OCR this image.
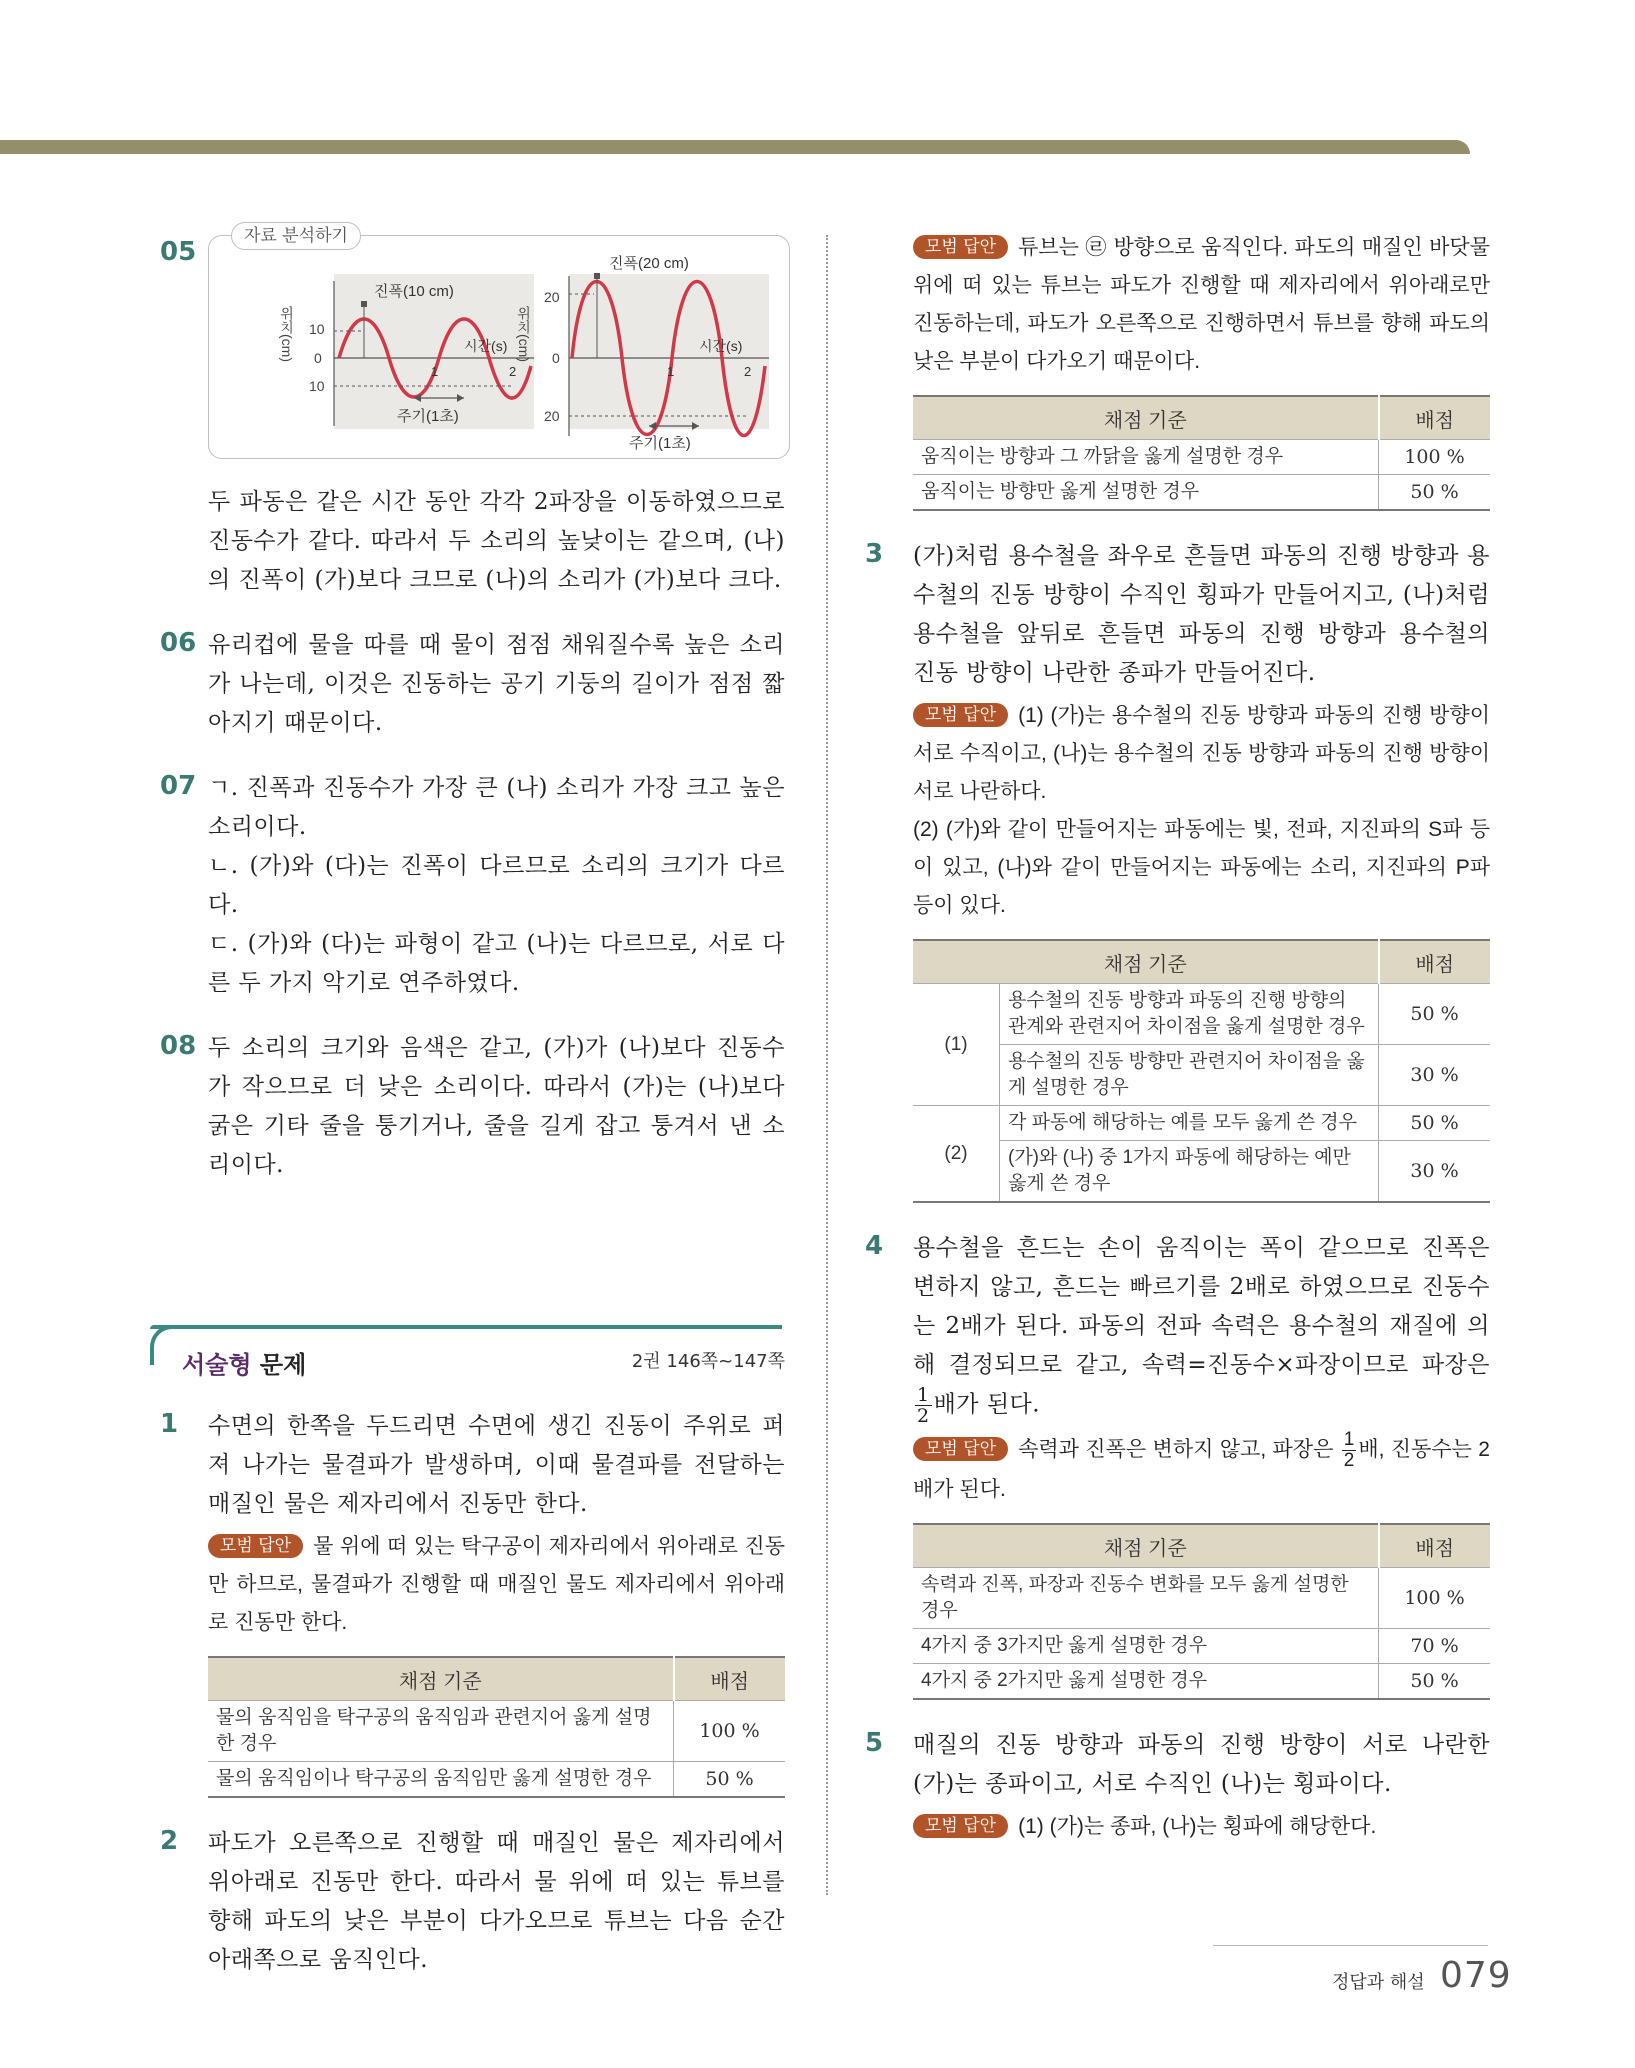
05
자료 분석하기
위치(cm) 10
0
10
진폭(10 cm)
시간(s)
1	2
주기(1초)
위치(cm)
20
0
20
진폭(20 cm)
시간(s)
1	2
주기(1초)
두 파동은 같은 시간 동안 각각 2파장을 이동하였으므로 진동수가 같다. 따라서 두 소리의 높낮이는 같으며, (나)의 진폭이 (가)보다 크므로 (나)의 소리가 (가)보다 크다.
06 유리컵에 물을 따를 때 물이 점점 채워질수록 높은 소리가 나는데, 이것은 진동하는 공기 기둥의 길이가 점점 짧아지기 때문이다.
07 ㄱ. 진폭과 진동수가 가장 큰 (나) 소리가 가장 크고 높은 소리이다.
ㄴ. (가)와 (다)는 진폭이 다르므로 소리의 크기가 다르다.
ㄷ. (가)와 (다)는 파형이 같고 (나)는 다르므로, 서로 다른 두 가지 악기로 연주하였다.
08 두 소리의 크기와 음색은 같고, (가)가 (나)보다 진동수가 작으므로 더 낮은 소리이다. 따라서 (가)는 (나)보다 굵은 기타 줄을 퉁기거나, 줄을 길게 잡고 퉁겨서 낸 소리이다.
서술형 문제	2권 146쪽~147쪽
1 수면의 한쪽을 두드리면 수면에 생긴 진동이 주위로 퍼져 나가는 물결파가 발생하며, 이때 물결파를 전달하는 매질인 물은 제자리에서 진동만 한다.
모범 답안 물 위에 떠 있는 탁구공이 제자리에서 위아래로 진동만 하므로, 물결파가 진행할 때 매질인 물도 제자리에서 위아래로 진동만 한다.
채점 기준	배점
물의 움직임을 탁구공의 움직임과 관련지어 옳게 설명한 경우	100 %
물의 움직임이나 탁구공의 움직임만 옳게 설명한 경우	50 %
2 파도가 오른쪽으로 진행할 때 매질인 물은 제자리에서 위아래로 진동만 한다. 따라서 물 위에 떠 있는 튜브를 향해 파도의 낮은 부분이 다가오므로 튜브는 다음 순간 아래쪽으로 움직인다.
모범 답안 튜브는 ㉣ 방향으로 움직인다. 파도의 매질인 바닷물 위에 떠 있는 튜브는 파도가 진행할 때 제자리에서 위아래로만 진동하는데, 파도가 오른쪽으로 진행하면서 튜브를 향해 파도의 낮은 부분이 다가오기 때문이다.
채점 기준	배점
움직이는 방향과 그 까닭을 옳게 설명한 경우	100 %
움직이는 방향만 옳게 설명한 경우	50 %
3 (가)처럼 용수철을 좌우로 흔들면 파동의 진행 방향과 용수철의 진동 방향이 수직인 횡파가 만들어지고, (나)처럼 용수철을 앞뒤로 흔들면 파동의 진행 방향과 용수철의 진동 방향이 나란한 종파가 만들어진다.
모범 답안 (1) (가)는 용수철의 진동 방향과 파동의 진행 방향이 서로 수직이고, (나)는 용수철의 진동 방향과 파동의 진행 방향이 서로 나란하다.
(2) (가)와 같이 만들어지는 파동에는 빛, 전파, 지진파의 S파 등이 있고, (나)와 같이 만들어지는 파동에는 소리, 지진파의 P파 등이 있다.
채점 기준		배점
(1)	용수철의 진동 방향과 파동의 진행 방향의 관계와 관련지어 차이점을 옳게 설명한 경우	50 %
	용수철의 진동 방향만 관련지어 차이점을 옳게 설명한 경우	30 %
(2)	각 파동에 해당하는 예를 모두 옳게 쓴 경우	50 %
	(가)와 (나) 중 1가지 파동에 해당하는 예만 옳게 쓴 경우	30 %
4 용수철을 흔드는 손이 움직이는 폭이 같으므로 진폭은 변하지 않고, 흔드는 빠르기를 2배로 하였으므로 진동수는 2배가 된다. 파동의 전파 속력은 용수철의 재질에 의해 결정되므로 같고, 속력=진동수×파장이므로 파장은
$\frac{1}{2}$ 배가 된다.
모범 답안 속력과 진폭은 변하지 않고, 파장은 $\frac{1}{2}$ 배, 진동수는 2배가 된다.
채점 기준	배점
속력과 진폭, 파장과 진동수 변화를 모두 옳게 설명한 경우	100 %
4가지 중 3가지만 옳게 설명한 경우	70 %
4가지 중 2가지만 옳게 설명한 경우	50 %
5 매질의 진동 방향과 파동의 진행 방향이 서로 나란한 (가)는 종파이고, 서로 수직인 (나)는 횡파이다.
모범 답안 (1) (가)는 종파, (나)는 횡파에 해당한다.
정답과 해설 079
